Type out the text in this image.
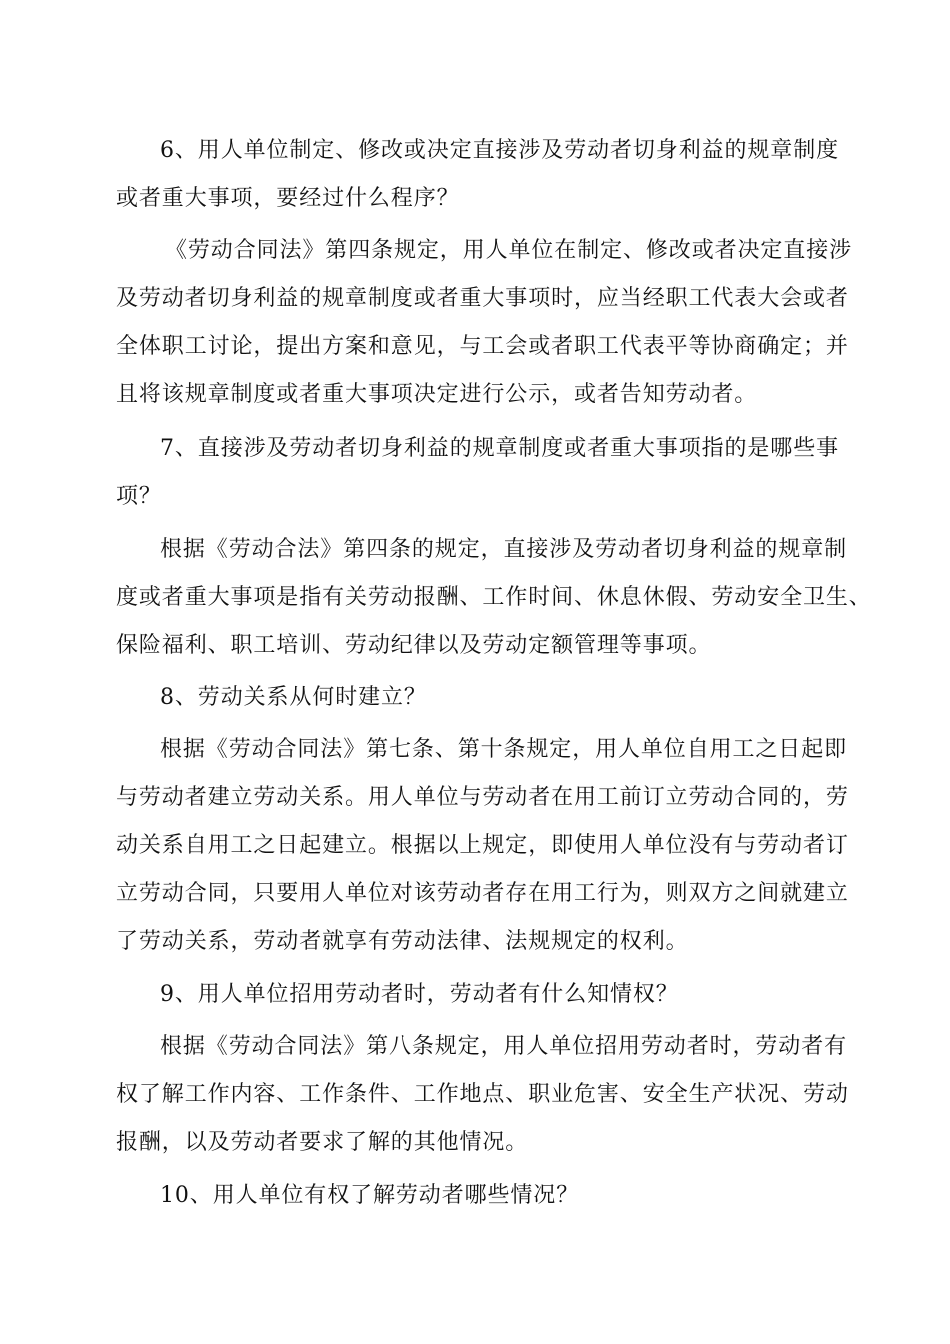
6、用人单位制定、修改或决定直接涉及劳动者切身利益的规章制度
或者重大事项，要经过什么程序？
《劳动合同法》第四条规定，用人单位在制定、修改或者决定直接涉
及劳动者切身利益的规章制度或者重大事项时，应当经职工代表大会或者
全体职工讨论，提出方案和意见，与工会或者职工代表平等协商确定；并
且将该规章制度或者重大事项决定进行公示，或者告知劳动者。
7、直接涉及劳动者切身利益的规章制度或者重大事项指的是哪些事
项？
根据《劳动合法》第四条的规定，直接涉及劳动者切身利益的规章制
度或者重大事项是指有关劳动报酬、工作时间、休息休假、劳动安全卫生、
保险福利、职工培训、劳动纪律以及劳动定额管理等事项。
8、劳动关系从何时建立？
根据《劳动合同法》第七条、第十条规定，用人单位自用工之日起即
与劳动者建立劳动关系。用人单位与劳动者在用工前订立劳动合同的，劳
动关系自用工之日起建立。根据以上规定，即使用人单位没有与劳动者订
立劳动合同，只要用人单位对该劳动者存在用工行为，则双方之间就建立
了劳动关系，劳动者就享有劳动法律、法规规定的权利。
9、用人单位招用劳动者时，劳动者有什么知情权？
根据《劳动合同法》第八条规定，用人单位招用劳动者时，劳动者有
权了解工作内容、工作条件、工作地点、职业危害、安全生产状况、劳动
报酬，以及劳动者要求了解的其他情况。
10、用人单位有权了解劳动者哪些情况？
